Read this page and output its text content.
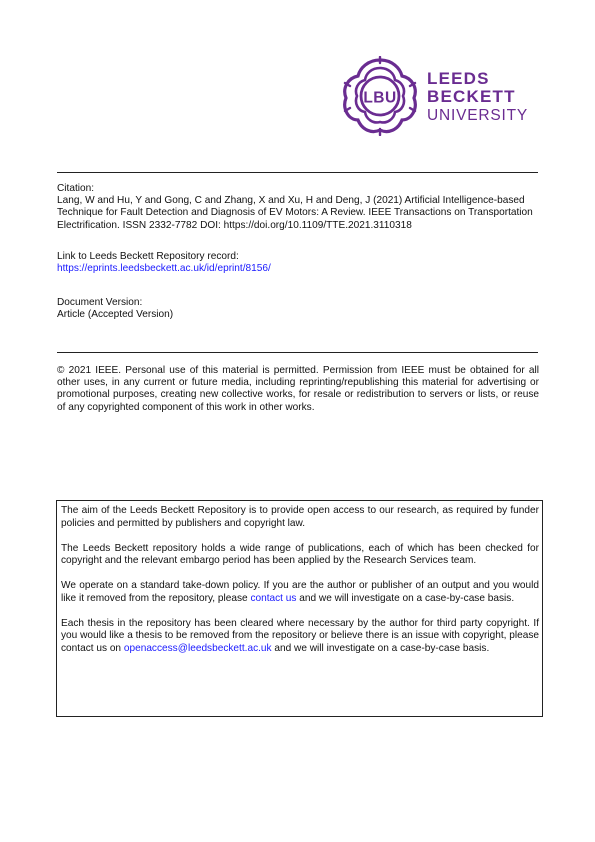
LBU
LEEDS
BECKETT
UNIVERSITY

Citation:

Lang, W and Hu, Y and Gong, C and Zhang, X and Xu, H and Deng, J (2021) Artificial Intelligence-based Technique for Fault Detection and Diagnosis of EV Motors: A Review. IEEE Transactions on Transportation Electrification. ISSN 2332-7782 DOI: https://doi.org/10.1109/TTE.2021.3110318

Link to Leeds Beckett Repository record:

https://eprints.leedsbeckett.ac.uk/id/eprint/8156/

Document Version:

Article (Accepted Version)

© 2021 IEEE. Personal use of this material is permitted. Permission from IEEE must be obtained for all other uses, in any current or future media, including reprinting/republishing this material for advertising or promotional purposes, creating new collective works, for resale or redistribution to servers or lists, or reuse of any copyrighted component of this work in other works.

The aim of the Leeds Beckett Repository is to provide open access to our research, as required by funder policies and permitted by publishers and copyright law.

The Leeds Beckett repository holds a wide range of publications, each of which has been checked for copyright and the relevant embargo period has been applied by the Research Services team.

We operate on a standard take-down policy. If you are the author or publisher of an output and you would like it removed from the repository, please contact us and we will investigate on a case-by-case basis.

Each thesis in the repository has been cleared where necessary by the author for third party copyright. If you would like a thesis to be removed from the repository or believe there is an issue with copyright, please contact us on openaccess@leedsbeckett.ac.uk and we will investigate on a case-by-case basis.
